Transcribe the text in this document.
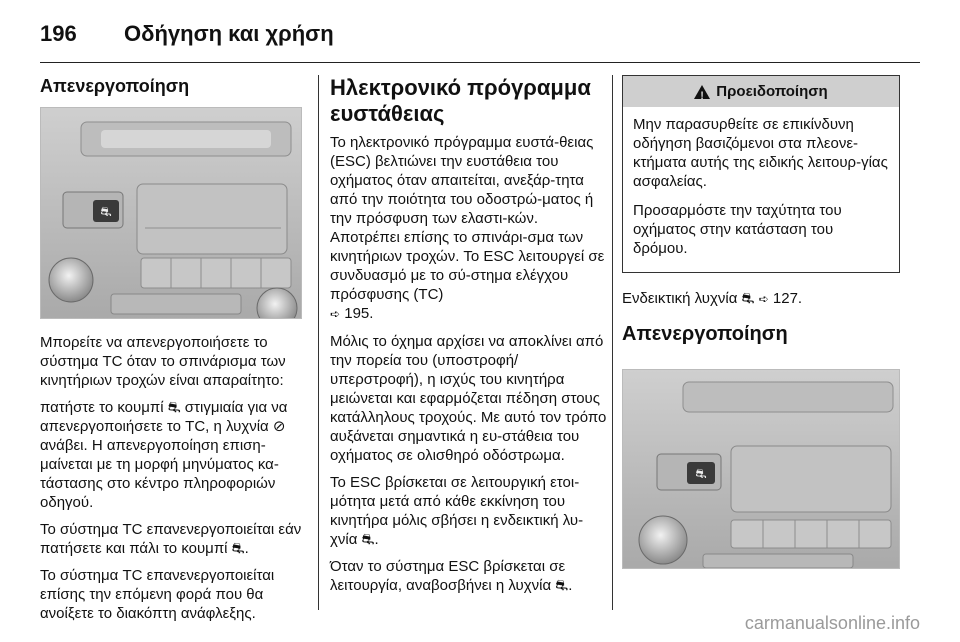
196	Οδήγηση και χρήση
Απενεργοποίηση
⛐

Μπορείτε να απενεργοποιήσετε το σύστημα TC όταν το σπινάρισμα των κινητήριων τροχών είναι απαραίτητο:

πατήστε το κουμπί ⛐ στιγμιαία για να απενεργοποιήσετε το TC, η λυχνία ⊘ ανάβει. Η απενεργοποίηση επιση-μαίνεται με τη μορφή μηνύματος κα-τάστασης στο κέντρο πληροφοριών οδηγού.

Το σύστημα TC επανενεργοποιείται εάν πατήσετε και πάλι το κουμπί ⛐.

Το σύστημα TC επανενεργοποιείται επίσης την επόμενη φορά που θα ανοίξετε το διακόπτη ανάφλεξης.

Ηλεκτρονικό πρόγραμμα ευστάθειας

Το ηλεκτρονικό πρόγραμμα ευστά-θειας (ESC) βελτιώνει την ευστάθεια του οχήματος όταν απαιτείται, ανεξάρ-τητα από την ποιότητα του οδοστρώ-ματος ή την πρόσφυση των ελαστι-κών. Αποτρέπει επίσης το σπινάρι-σμα των κινητήριων τροχών. Το ESC λειτουργεί σε συνδυασμό με το σύ-στημα ελέγχου πρόσφυσης (TC)
➪ 195.

Μόλις το όχημα αρχίσει να αποκλίνει από την πορεία του (υποστροφή/ υπερστροφή), η ισχύς του κινητήρα μειώνεται και εφαρμόζεται πέδηση στους κατάλληλους τροχούς. Με αυτό τον τρόπο αυξάνεται σημαντικά η ευ-στάθεια του οχήματος σε ολισθηρό οδόστρωμα.

Το ESC βρίσκεται σε λειτουργική ετοι-μότητα μετά από κάθε εκκίνηση του κινητήρα μόλις σβήσει η ενδεικτική λυ-χνία ⛐.

Όταν το σύστημα ESC βρίσκεται σε λειτουργία, αναβοσβήνει η λυχνία ⛐.

! Προειδοποίηση

Μην παρασυρθείτε σε επικίνδυνη οδήγηση βασιζόμενοι στα πλεονε-κτήματα αυτής της ειδικής λειτουρ-γίας ασφαλείας.

Προσαρμόστε την ταχύτητα του οχήματος στην κατάσταση του δρόμου.

Ενδεικτική λυχνία ⛐ ➪ 127.

Απενεργοποίηση
⛐
carmanualsonline.info
